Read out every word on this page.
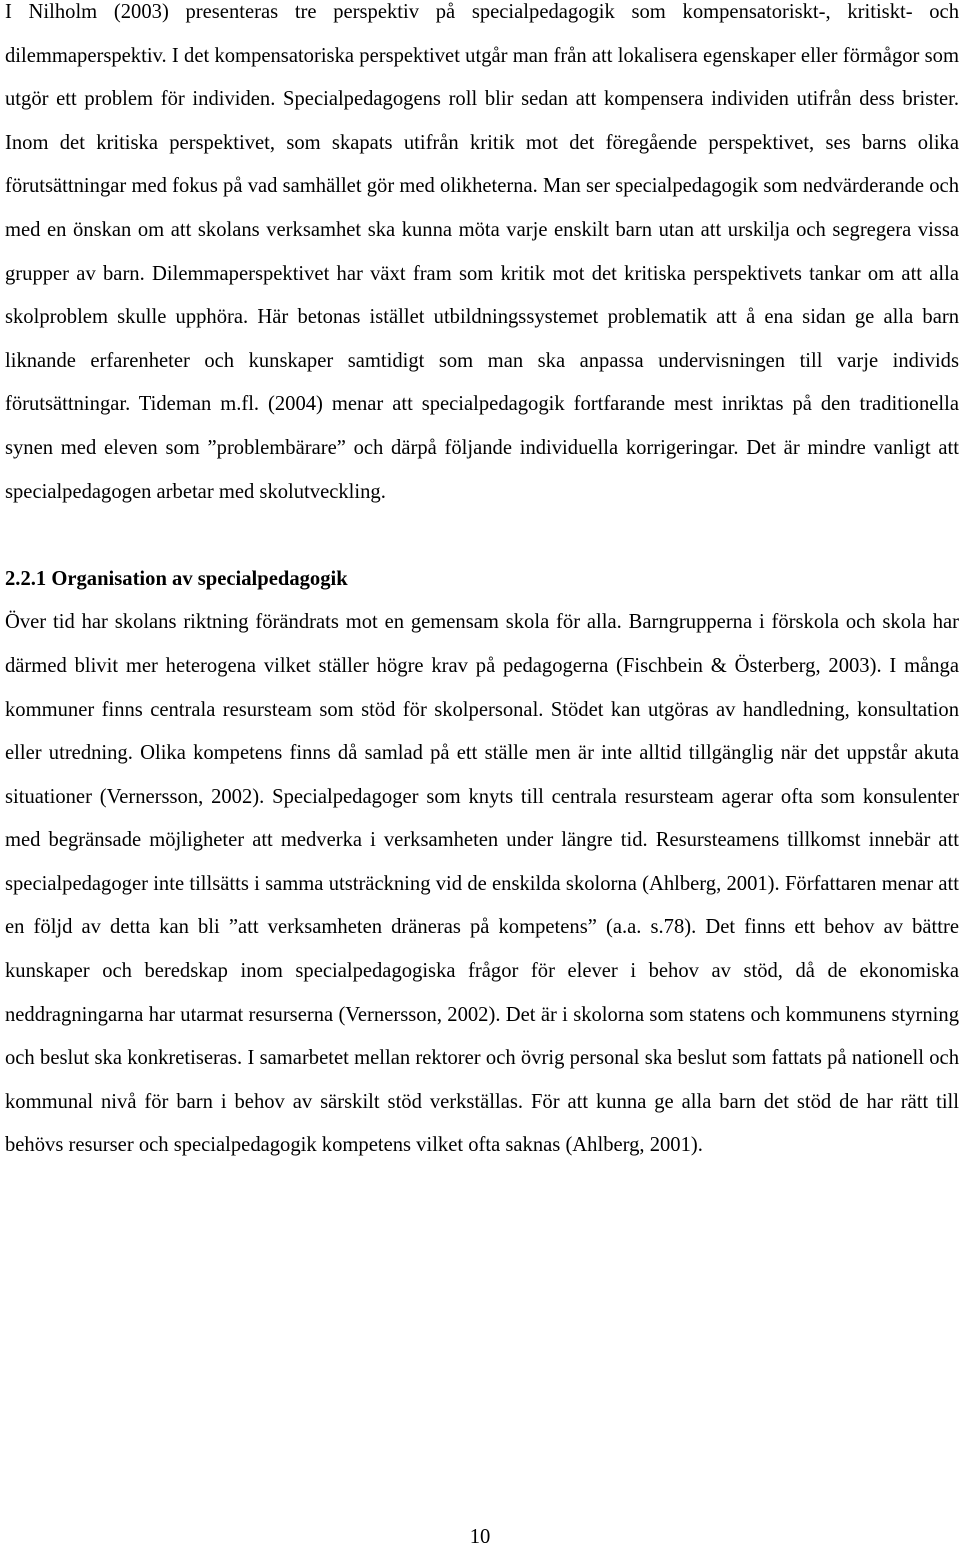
I Nilholm (2003) presenteras tre perspektiv på specialpedagogik som kompensatoriskt-, kritiskt- och dilemmaperspektiv. I det kompensatoriska perspektivet utgår man från att lokalisera egenskaper eller förmågor som utgör ett problem för individen. Specialpedagogens roll blir sedan att kompensera individen utifrån dess brister. Inom det kritiska perspektivet, som skapats utifrån kritik mot det föregående perspektivet, ses barns olika förutsättningar med fokus på vad samhället gör med olikheterna. Man ser specialpedagogik som nedvärderande och med en önskan om att skolans verksamhet ska kunna möta varje enskilt barn utan att urskilja och segregera vissa grupper av barn. Dilemmaperspektivet har växt fram som kritik mot det kritiska perspektivets tankar om att alla skolproblem skulle upphöra. Här betonas istället utbildningssystemet problematik att å ena sidan ge alla barn liknande erfarenheter och kunskaper samtidigt som man ska anpassa undervisningen till varje individs förutsättningar. Tideman m.fl. (2004) menar att specialpedagogik fortfarande mest inriktas på den traditionella synen med eleven som ”problembärare” och därpå följande individuella korrigeringar. Det är mindre vanligt att specialpedagogen arbetar med skolutveckling.

2.2.1 Organisation av specialpedagogik

Över tid har skolans riktning förändrats mot en gemensam skola för alla. Barngrupperna i förskola och skola har därmed blivit mer heterogena vilket ställer högre krav på pedagogerna (Fischbein & Österberg, 2003). I många kommuner finns centrala resursteam som stöd för skolpersonal. Stödet kan utgöras av handledning, konsultation eller utredning. Olika kompetens finns då samlad på ett ställe men är inte alltid tillgänglig när det uppstår akuta situationer (Vernersson, 2002). Specialpedagoger som knyts till centrala resursteam agerar ofta som konsulenter med begränsade möjligheter att medverka i verksamheten under längre tid. Resursteamens tillkomst innebär att specialpedagoger inte tillsätts i samma utsträckning vid de enskilda skolorna (Ahlberg, 2001). Författaren menar att en följd av detta kan bli ”att verksamheten dräneras på kompetens” (a.a. s.78). Det finns ett behov av bättre kunskaper och beredskap inom specialpedagogiska frågor för elever i behov av stöd, då de ekonomiska neddragningarna har utarmat resurserna (Vernersson, 2002). Det är i skolorna som statens och kommunens styrning och beslut ska konkretiseras. I samarbetet mellan rektorer och övrig personal ska beslut som fattats på nationell och kommunal nivå för barn i behov av särskilt stöd verkställas. För att kunna ge alla barn det stöd de har rätt till behövs resurser och specialpedagogik kompetens vilket ofta saknas (Ahlberg, 2001).

10
